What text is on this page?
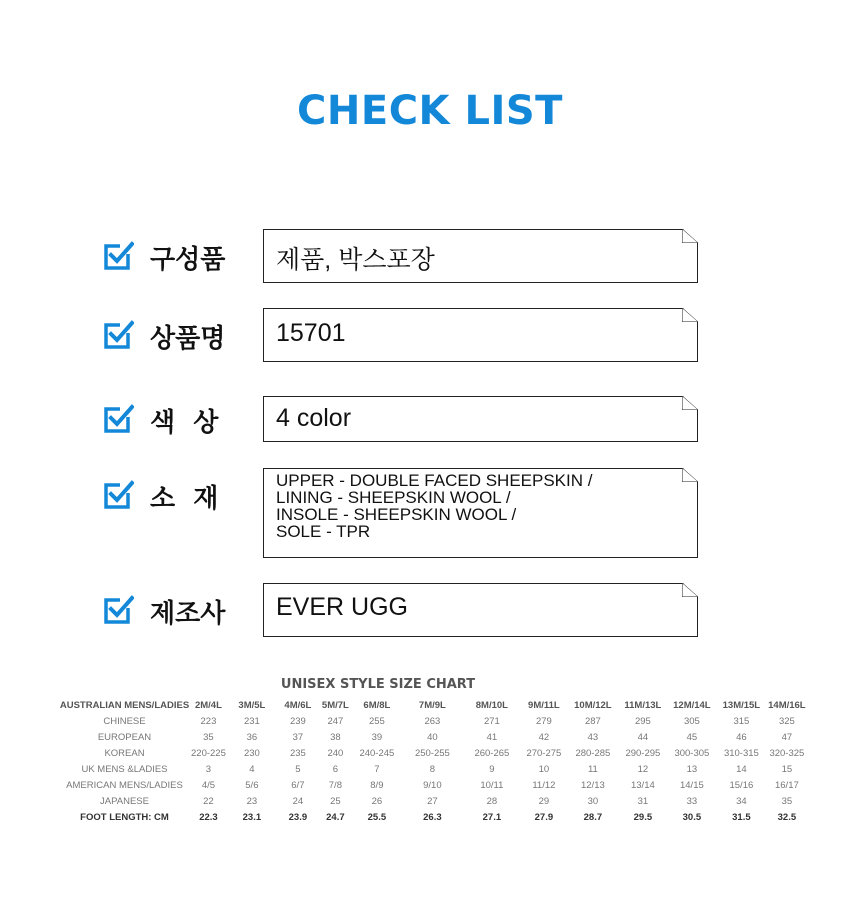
CHECK LIST
구성품 제품, 박스포장
상품명 15701
색  상 4 color
소  재
UPPER - DOUBLE FACED SHEEPSKIN /
LINING - SHEEPSKIN WOOL /
INSOLE - SHEEPSKIN WOOL /
SOLE - TPR
제조사 EVER UGG
UNISEX STYLE SIZE CHART
AUSTRALIAN MENS/LADIES	2M/4L	3M/5L	4M/6L	5M/7L	6M/8L	7M/9L	8M/10L	9M/11L	10M/12L	11M/13L	12M/14L	13M/15L	14M/16L
CHINESE	223	231	239	247	255	263	271	279	287	295	305	315	325
EUROPEAN	35	36	37	38	39	40	41	42	43	44	45	46	47
KOREAN	220-225	230	235	240	240-245	250-255	260-265	270-275	280-285	290-295	300-305	310-315	320-325
UK MENS &LADIES	3	4	5	6	7	8	9	10	11	12	13	14	15
AMERICAN MENS/LADIES	4/5	5/6	6/7	7/8	8/9	9/10	10/11	11/12	12/13	13/14	14/15	15/16	16/17
JAPANESE	22	23	24	25	26	27	28	29	30	31	33	34	35
FOOT LENGTH: CM	22.3	23.1	23.9	24.7	25.5	26.3	27.1	27.9	28.7	29.5	30.5	31.5	32.5
